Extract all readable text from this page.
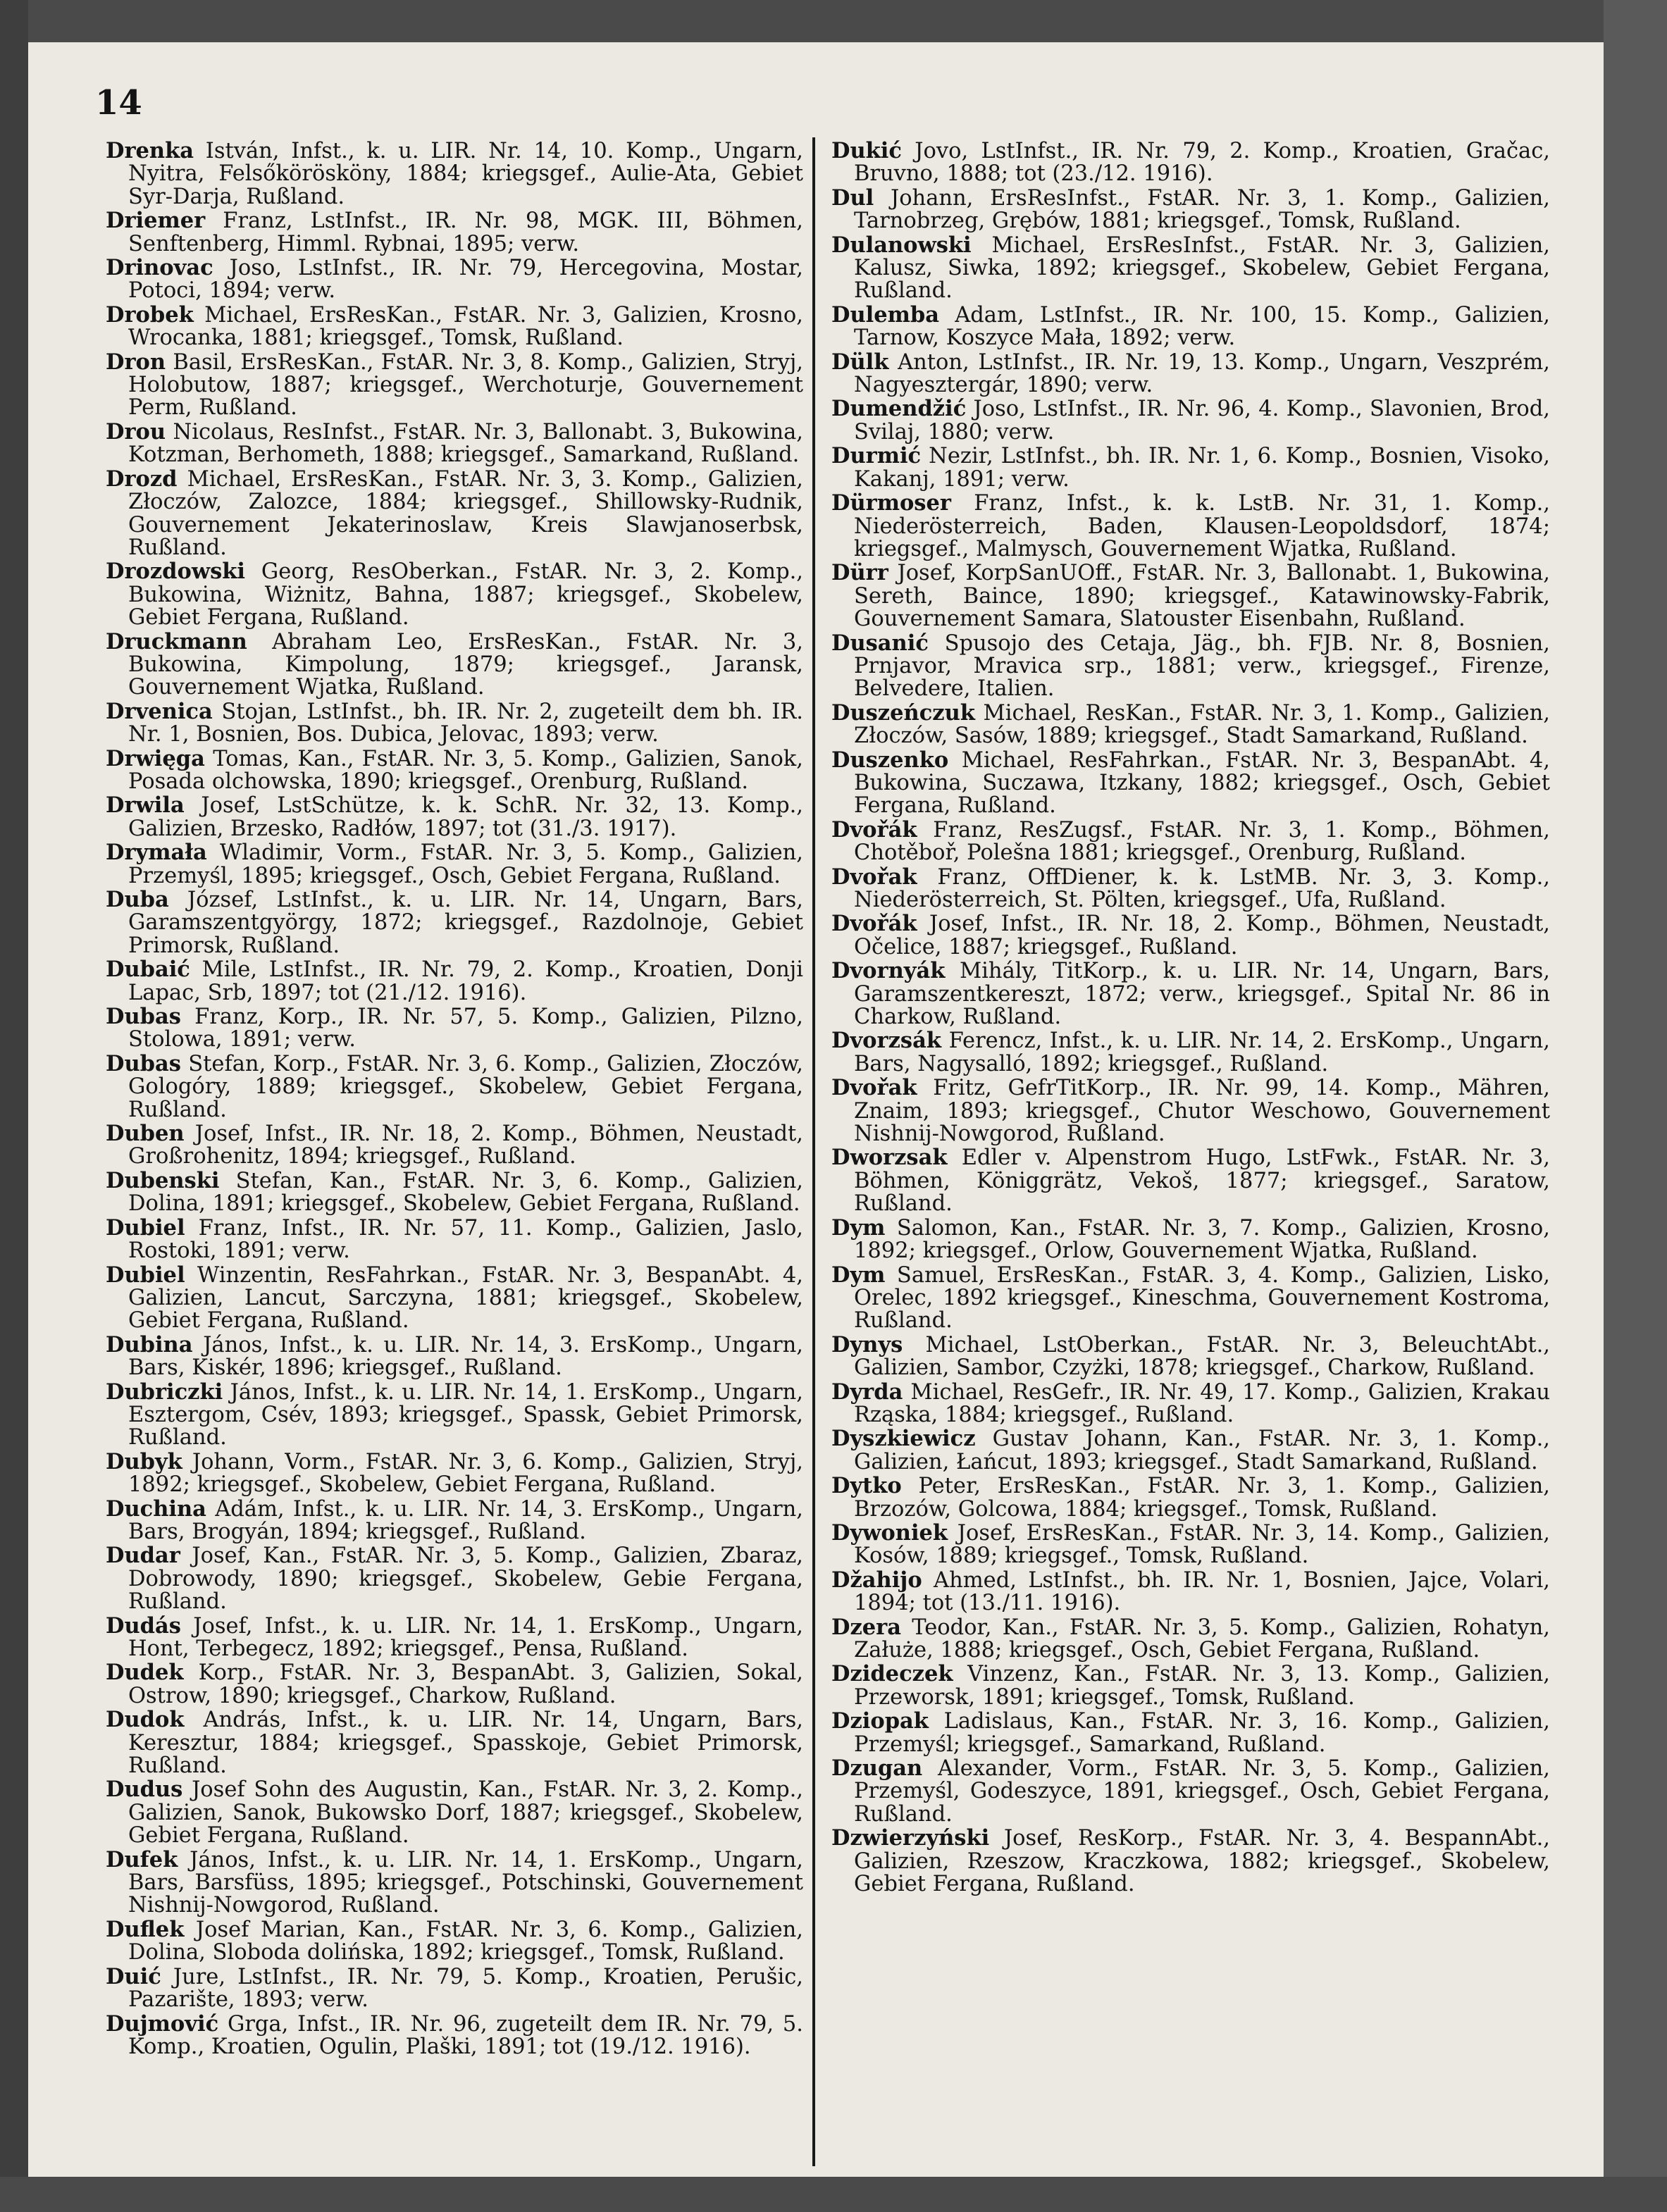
14

Drenka István, Infst., k. u. LIR. Nr. 14, 10. Komp., Ungarn, Nyitra, Felsőkörösköny, 1884; kriegsgef., Aulie-Ata, Gebiet Syr-Darja, Rußland.

Driemer Franz, LstInfst., IR. Nr. 98, MGK. III, Böhmen, Senftenberg, Himml. Rybnai, 1895; verw.

Drinovac Joso, LstInfst., IR. Nr. 79, Hercegovina, Mostar, Potoci, 1894; verw.

Drobek Michael, ErsResKan., FstAR. Nr. 3, Galizien, Krosno, Wrocanka, 1881; kriegsgef., Tomsk, Rußland.

Dron Basil, ErsResKan., FstAR. Nr. 3, 8. Komp., Galizien, Stryj, Holobutow, 1887; kriegsgef., Werchoturje, Gouvernement Perm, Rußland.

Drou Nicolaus, ResInfst., FstAR. Nr. 3, Ballonabt. 3, Bukowina, Kotzman, Berhometh, 1888; kriegsgef., Samarkand, Rußland.

Drozd Michael, ErsResKan., FstAR. Nr. 3, 3. Komp., Galizien, Złoczów, Zalozce, 1884; kriegsgef., Shillowsky-Rudnik, Gouvernement Jekaterinoslaw, Kreis Slawjanoserbsk, Rußland.

Drozdowski Georg, ResOberkan., FstAR. Nr. 3, 2. Komp., Bukowina, Wiżnitz, Bahna, 1887; kriegsgef., Skobelew, Gebiet Fergana, Rußland.

Druckmann Abraham Leo, ErsResKan., FstAR. Nr. 3, Bukowina, Kimpolung, 1879; kriegsgef., Jaransk, Gouvernement Wjatka, Rußland.

Drvenica Stojan, LstInfst., bh. IR. Nr. 2, zugeteilt dem bh. IR. Nr. 1, Bosnien, Bos. Dubica, Jelovac, 1893; verw.

Drwięga Tomas, Kan., FstAR. Nr. 3, 5. Komp., Galizien, Sanok, Posada olchowska, 1890; kriegsgef., Orenburg, Rußland.

Drwila Josef, LstSchütze, k. k. SchR. Nr. 32, 13. Komp., Galizien, Brzesko, Radłów, 1897; tot (31./3. 1917).

Drymała Wladimir, Vorm., FstAR. Nr. 3, 5. Komp., Galizien, Przemyśl, 1895; kriegsgef., Osch, Gebiet Fergana, Rußland.

Duba József, LstInfst., k. u. LIR. Nr. 14, Ungarn, Bars, Garamszentgyörgy, 1872; kriegsgef., Razdolnoje, Gebiet Primorsk, Rußland.

Dubaić Mile, LstInfst., IR. Nr. 79, 2. Komp., Kroatien, Donji Lapac, Srb, 1897; tot (21./12. 1916).

Dubas Franz, Korp., IR. Nr. 57, 5. Komp., Galizien, Pilzno, Stolowa, 1891; verw.

Dubas Stefan, Korp., FstAR. Nr. 3, 6. Komp., Galizien, Złoczów, Gologóry, 1889; kriegsgef., Skobelew, Gebiet Fergana, Rußland.

Duben Josef, Infst., IR. Nr. 18, 2. Komp., Böhmen, Neustadt, Großrohenitz, 1894; kriegsgef., Rußland.

Dubenski Stefan, Kan., FstAR. Nr. 3, 6. Komp., Galizien, Dolina, 1891; kriegsgef., Skobelew, Gebiet Fergana, Rußland.

Dubiel Franz, Infst., IR. Nr. 57, 11. Komp., Galizien, Jaslo, Rostoki, 1891; verw.

Dubiel Winzentin, ResFahrkan., FstAR. Nr. 3, BespanAbt. 4, Galizien, Lancut, Sarczyna, 1881; kriegsgef., Skobelew, Gebiet Fergana, Rußland.

Dubina János, Infst., k. u. LIR. Nr. 14, 3. ErsKomp., Ungarn, Bars, Kiskér, 1896; kriegsgef., Rußland.

Dubriczki János, Infst., k. u. LIR. Nr. 14, 1. ErsKomp., Ungarn, Esztergom, Csév, 1893; kriegsgef., Spassk, Gebiet Primorsk, Rußland.

Dubyk Johann, Vorm., FstAR. Nr. 3, 6. Komp., Galizien, Stryj, 1892; kriegsgef., Skobelew, Gebiet Fergana, Rußland.

Duchina Adám, Infst., k. u. LIR. Nr. 14, 3. ErsKomp., Ungarn, Bars, Brogyán, 1894; kriegsgef., Rußland.

Dudar Josef, Kan., FstAR. Nr. 3, 5. Komp., Galizien, Zbaraz, Dobrowody, 1890; kriegsgef., Skobelew, Gebie Fergana, Rußland.

Dudás Josef, Infst., k. u. LIR. Nr. 14, 1. ErsKomp., Ungarn, Hont, Terbegecz, 1892; kriegsgef., Pensa, Rußland.

Dudek Korp., FstAR. Nr. 3, BespanAbt. 3, Galizien, Sokal, Ostrow, 1890; kriegsgef., Charkow, Rußland.

Dudok András, Infst., k. u. LIR. Nr. 14, Ungarn, Bars, Keresztur, 1884; kriegsgef., Spasskoje, Gebiet Primorsk, Rußland.

Dudus Josef Sohn des Augustin, Kan., FstAR. Nr. 3, 2. Komp., Galizien, Sanok, Bukowsko Dorf, 1887; kriegsgef., Skobelew, Gebiet Fergana, Rußland.

Dufek János, Infst., k. u. LIR. Nr. 14, 1. ErsKomp., Ungarn, Bars, Barsfüss, 1895; kriegsgef., Potschinski, Gouvernement Nishnij-Nowgorod, Rußland.

Duflek Josef Marian, Kan., FstAR. Nr. 3, 6. Komp., Galizien, Dolina, Sloboda dolińska, 1892; kriegsgef., Tomsk, Rußland.

Duić Jure, LstInfst., IR. Nr. 79, 5. Komp., Kroatien, Perušic, Pazarište, 1893; verw.

Dujmović Grga, Infst., IR. Nr. 96, zugeteilt dem IR. Nr. 79, 5. Komp., Kroatien, Ogulin, Plaški, 1891; tot (19./12. 1916).

Dukić Jovo, LstInfst., IR. Nr. 79, 2. Komp., Kroatien, Gračac, Bruvno, 1888; tot (23./12. 1916).

Dul Johann, ErsResInfst., FstAR. Nr. 3, 1. Komp., Galizien, Tarnobrzeg, Grębów, 1881; kriegsgef., Tomsk, Rußland.

Dulanowski Michael, ErsResInfst., FstAR. Nr. 3, Galizien, Kalusz, Siwka, 1892; kriegsgef., Skobelew, Gebiet Fergana, Rußland.

Dulemba Adam, LstInfst., IR. Nr. 100, 15. Komp., Galizien, Tarnow, Koszyce Mała, 1892; verw.

Dülk Anton, LstInfst., IR. Nr. 19, 13. Komp., Ungarn, Veszprém, Nagyesztergár, 1890; verw.

Dumendžić Joso, LstInfst., IR. Nr. 96, 4. Komp., Slavonien, Brod, Svilaj, 1880; verw.

Durmić Nezir, LstInfst., bh. IR. Nr. 1, 6. Komp., Bosnien, Visoko, Kakanj, 1891; verw.

Dürmoser Franz, Infst., k. k. LstB. Nr. 31, 1. Komp., Niederösterreich, Baden, Klausen-Leopoldsdorf, 1874; kriegsgef., Malmysch, Gouvernement Wjatka, Rußland.

Dürr Josef, KorpSanUOff., FstAR. Nr. 3, Ballonabt. 1, Bukowina, Sereth, Baince, 1890; kriegsgef., Katawinowsky-Fabrik, Gouvernement Samara, Slatouster Eisenbahn, Rußland.

Dusanić Spusojo des Cetaja, Jäg., bh. FJB. Nr. 8, Bosnien, Prnjavor, Mravica srp., 1881; verw., kriegsgef., Firenze, Belvedere, Italien.

Duszeńczuk Michael, ResKan., FstAR. Nr. 3, 1. Komp., Galizien, Złoczów, Sasów, 1889; kriegsgef., Stadt Samarkand, Rußland.

Duszenko Michael, ResFahrkan., FstAR. Nr. 3, BespanAbt. 4, Bukowina, Suczawa, Itzkany, 1882; kriegsgef., Osch, Gebiet Fergana, Rußland.

Dvořák Franz, ResZugsf., FstAR. Nr. 3, 1. Komp., Böhmen, Chotěboř, Polešna 1881; kriegsgef., Orenburg, Rußland.

Dvořak Franz, OffDiener, k. k. LstMB. Nr. 3, 3. Komp., Niederösterreich, St. Pölten, kriegsgef., Ufa, Rußland.

Dvořák Josef, Infst., IR. Nr. 18, 2. Komp., Böhmen, Neustadt, Očelice, 1887; kriegsgef., Rußland.

Dvornyák Mihály, TitKorp., k. u. LIR. Nr. 14, Ungarn, Bars, Garamszentkereszt, 1872; verw., kriegsgef., Spital Nr. 86 in Charkow, Rußland.

Dvorzsák Ferencz, Infst., k. u. LIR. Nr. 14, 2. ErsKomp., Ungarn, Bars, Nagysalló, 1892; kriegsgef., Rußland.

Dvořak Fritz, GefrTitKorp., IR. Nr. 99, 14. Komp., Mähren, Znaim, 1893; kriegsgef., Chutor Weschowo, Gouvernement Nishnij-Nowgorod, Rußland.

Dworzsak Edler v. Alpenstrom Hugo, LstFwk., FstAR. Nr. 3, Böhmen, Königgrätz, Vekoš, 1877; kriegsgef., Saratow, Rußland.

Dym Salomon, Kan., FstAR. Nr. 3, 7. Komp., Galizien, Krosno, 1892; kriegsgef., Orlow, Gouvernement Wjatka, Rußland.

Dym Samuel, ErsResKan., FstAR. 3, 4. Komp., Galizien, Lisko, Orelec, 1892 kriegsgef., Kineschma, Gouvernement Kostroma, Rußland.

Dynys Michael, LstOberkan., FstAR. Nr. 3, BeleuchtAbt., Galizien, Sambor, Czyżki, 1878; kriegsgef., Charkow, Rußland.

Dyrda Michael, ResGefr., IR. Nr. 49, 17. Komp., Galizien, Krakau Rząska, 1884; kriegsgef., Rußland.

Dyszkiewicz Gustav Johann, Kan., FstAR. Nr. 3, 1. Komp., Galizien, Łańcut, 1893; kriegsgef., Stadt Samarkand, Rußland.

Dytko Peter, ErsResKan., FstAR. Nr. 3, 1. Komp., Galizien, Brzozów, Golcowa, 1884; kriegsgef., Tomsk, Rußland.

Dywoniek Josef, ErsResKan., FstAR. Nr. 3, 14. Komp., Galizien, Kosów, 1889; kriegsgef., Tomsk, Rußland.

Džahijo Ahmed, LstInfst., bh. IR. Nr. 1, Bosnien, Jajce, Volari, 1894; tot (13./11. 1916).

Dzera Teodor, Kan., FstAR. Nr. 3, 5. Komp., Galizien, Rohatyn, Załuże, 1888; kriegsgef., Osch, Gebiet Fergana, Rußland.

Dzideczek Vinzenz, Kan., FstAR. Nr. 3, 13. Komp., Galizien, Przeworsk, 1891; kriegsgef., Tomsk, Rußland.

Dziopak Ladislaus, Kan., FstAR. Nr. 3, 16. Komp., Galizien, Przemyśl; kriegsgef., Samarkand, Rußland.

Dzugan Alexander, Vorm., FstAR. Nr. 3, 5. Komp., Galizien, Przemyśl, Godeszyce, 1891, kriegsgef., Osch, Gebiet Fergana, Rußland.

Dzwierzyński Josef, ResKorp., FstAR. Nr. 3, 4. BespannAbt., Galizien, Rzeszow, Kraczkowa, 1882; kriegsgef., Skobelew, Gebiet Fergana, Rußland.
